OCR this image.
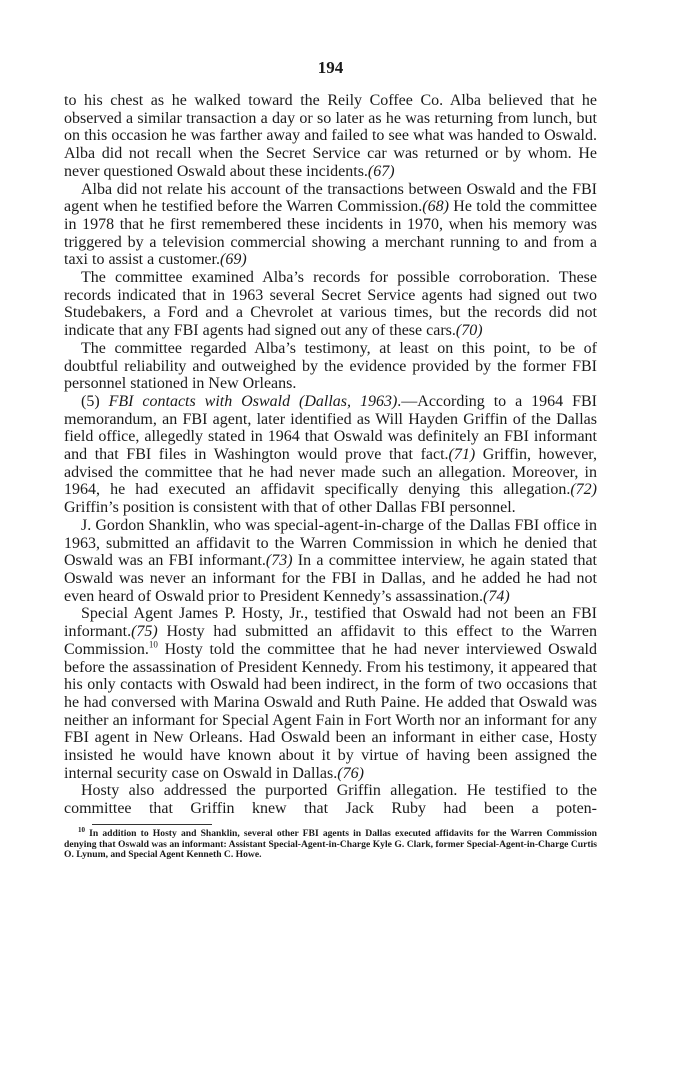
194

to his chest as he walked toward the Reily Coffee Co. Alba believed that he observed a similar transaction a day or so later as he was returning from lunch, but on this occasion he was farther away and failed to see what was handed to Oswald. Alba did not recall when the Secret Service car was returned or by whom. He never questioned Oswald about these incidents.(67)

Alba did not relate his account of the transactions between Oswald and the FBI agent when he testified before the Warren Commission.(68) He told the committee in 1978 that he first remembered these incidents in 1970, when his memory was triggered by a television commercial showing a merchant running to and from a taxi to assist a customer.(69)

The committee examined Alba’s records for possible corroboration. These records indicated that in 1963 several Secret Service agents had signed out two Studebakers, a Ford and a Chevrolet at various times, but the records did not indicate that any FBI agents had signed out any of these cars.(70)

The committee regarded Alba’s testimony, at least on this point, to be of doubtful reliability and outweighed by the evidence provided by the former FBI personnel stationed in New Orleans.

(5) FBI contacts with Oswald (Dallas, 1963).—According to a 1964 FBI memorandum, an FBI agent, later identified as Will Hayden Griffin of the Dallas field office, allegedly stated in 1964 that Oswald was definitely an FBI informant and that FBI files in Washington would prove that fact.(71) Griffin, however, advised the committee that he had never made such an allegation. Moreover, in 1964, he had executed an affidavit specifically denying this allegation.(72) Griffin’s position is consistent with that of other Dallas FBI personnel.

J. Gordon Shanklin, who was special-agent-in-charge of the Dallas FBI office in 1963, submitted an affidavit to the Warren Commission in which he denied that Oswald was an FBI informant.(73) In a committee interview, he again stated that Oswald was never an informant for the FBI in Dallas, and he added he had not even heard of Oswald prior to President Kennedy’s assassination.(74)

Special Agent James P. Hosty, Jr., testified that Oswald had not been an FBI informant.(75) Hosty had submitted an affidavit to this effect to the Warren Commission.$^{10}$ Hosty told the committee that he had never interviewed Oswald before the assassination of President Kennedy. From his testimony, it appeared that his only contacts with Oswald had been indirect, in the form of two occasions that he had conversed with Marina Oswald and Ruth Paine. He added that Oswald was neither an informant for Special Agent Fain in Fort Worth nor an informant for any FBI agent in New Orleans. Had Oswald been an informant in either case, Hosty insisted he would have known about it by virtue of having been assigned the internal security case on Oswald in Dallas.(76)

Hosty also addressed the purported Griffin allegation. He testified to the committee that Griffin knew that Jack Ruby had been a poten-

$^{10}$ In addition to Hosty and Shanklin, several other FBI agents in Dallas executed affidavits for the Warren Commission denying that Oswald was an informant: Assistant Special-Agent-in-Charge Kyle G. Clark, former Special-Agent-in-Charge Curtis O. Lynum, and Special Agent Kenneth C. Howe.
